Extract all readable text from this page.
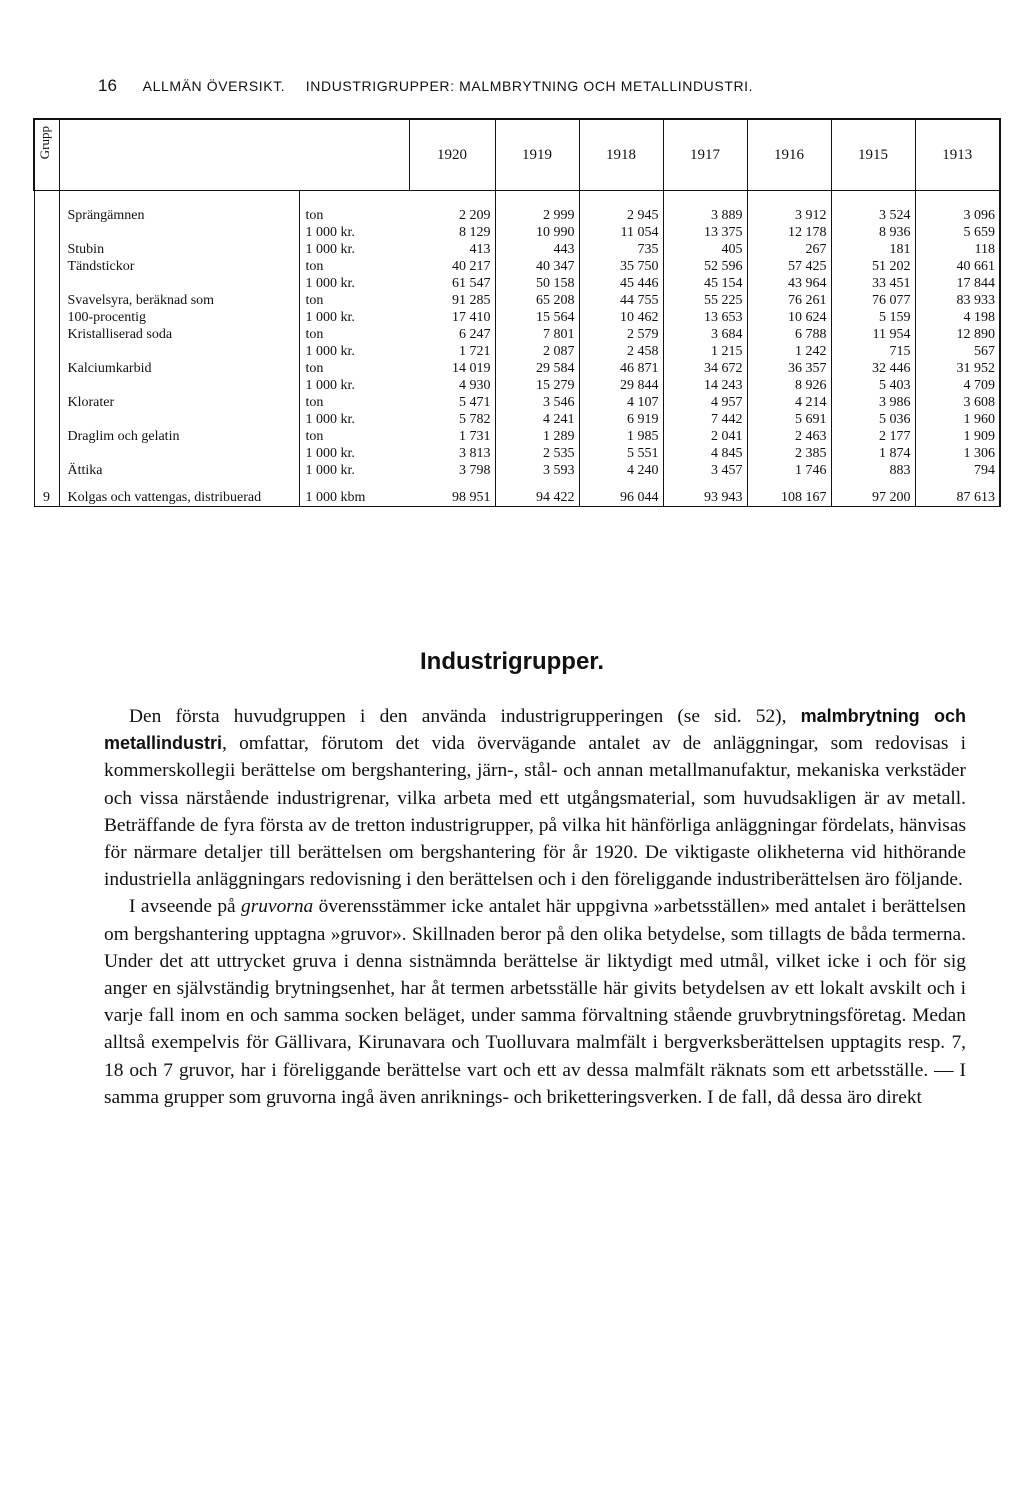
16 ALLMÄN ÖVERSIKT. INDUSTRIGRUPPER: MALMBRYTNING OCH METALLINDUSTRI.
Grupp			1920	1919	1918	1917	1916	1915	1913

	Sprängämnen	ton	2 209	2 999	2 945	3 889	3 912	3 524	3 096
		1 000 kr.	8 129	10 990	11 054	13 375	12 178	8 936	5 659
	Stubin	1 000 kr.	413	443	735	405	267	181	118
	Tändstickor	ton	40 217	40 347	35 750	52 596	57 425	51 202	40 661
		1 000 kr.	61 547	50 158	45 446	45 154	43 964	33 451	17 844
	Svavelsyra, beräknad som	ton	91 285	65 208	44 755	55 225	76 261	76 077	83 933
	100-procentig	1 000 kr.	17 410	15 564	10 462	13 653	10 624	5 159	4 198
	Kristalliserad soda	ton	6 247	7 801	2 579	3 684	6 788	11 954	12 890
		1 000 kr.	1 721	2 087	2 458	1 215	1 242	715	567
	Kalciumkarbid	ton	14 019	29 584	46 871	34 672	36 357	32 446	31 952
		1 000 kr.	4 930	15 279	29 844	14 243	8 926	5 403	4 709
	Klorater	ton	5 471	3 546	4 107	4 957	4 214	3 986	3 608
		1 000 kr.	5 782	4 241	6 919	7 442	5 691	5 036	1 960
	Draglim och gelatin	ton	1 731	1 289	1 985	2 041	2 463	2 177	1 909
		1 000 kr.	3 813	2 535	5 551	4 845	2 385	1 874	1 306
	Ättika	1 000 kr.	3 798	3 593	4 240	3 457	1 746	883	794

9	Kolgas och vattengas, distribuerad	1 000 kbm	98 951	94 422	96 044	93 943	108 167	97 200	87 613
Industrigrupper.

Den första huvudgruppen i den använda industrigrupperingen (se sid. 52), malmbrytning och metallindustri, omfattar, förutom det vida övervägande antalet av de anläggningar, som redovisas i kommerskollegii berättelse om bergshantering, järn-, stål- och annan metallmanufaktur, mekaniska verkstäder och vissa närstående industrigrenar, vilka arbeta med ett utgångsmaterial, som huvudsakligen är av metall. Beträffande de fyra första av de tretton industrigrupper, på vilka hit hänförliga anläggningar fördelats, hänvisas för närmare detaljer till berättelsen om bergshantering för år 1920. De viktigaste olikheterna vid hithörande industriella anläggningars redovisning i den berättelsen och i den föreliggande industriberättelsen äro följande.

I avseende på gruvorna överensstämmer icke antalet här uppgivna »arbetsställen» med antalet i berättelsen om bergshantering upptagna »gruvor». Skillnaden beror på den olika betydelse, som tillagts de båda termerna. Under det att uttrycket gruva i denna sistnämnda berättelse är liktydigt med utmål, vilket icke i och för sig anger en självständig brytningsenhet, har åt termen arbetsställe här givits betydelsen av ett lokalt avskilt och i varje fall inom en och samma socken beläget, under samma förvaltning stående gruvbrytningsföretag. Medan alltså exempelvis för Gällivara, Kirunavara och Tuolluvara malmfält i bergverksberättelsen upptagits resp. 7, 18 och 7 gruvor, har i föreliggande berättelse vart och ett av dessa malmfält räknats som ett arbetsställe. — I samma grupper som gruvorna ingå även anriknings- och briketteringsverken. I de fall, då dessa äro direkt
